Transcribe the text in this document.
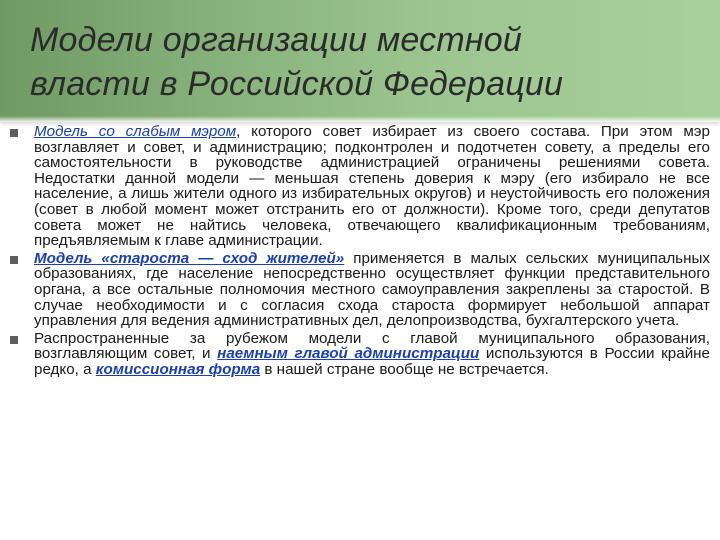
Модели организации местной
власти в Российской Федерации
Модель со слабым мэром, которого совет избирает из своего состава. При этом мэр возглавляет и совет, и администрацию; подконтролен и подотчетен совету, а пределы его самостоятельности в руководстве администрацией ограничены решениями совета. Недостатки данной модели — меньшая степень доверия к мэру (его избирало не все население, а лишь жители одного из избирательных округов) и неустойчивость его положения (совет в любой момент может отстранить его от должности). Кроме того, среди депутатов совета может не найтись человека, отвечающего квалификационным требованиям, предъявляемым к главе администрации.
Модель «староста — сход жителей» применяется в малых сельских муниципальных образованиях, где население непосредственно осуществляет функции представительного органа, а все остальные полномочия местного самоуправления закреплены за старостой. В случае необходимости и с согласия схода староста формирует небольшой аппарат управления для ведения административных дел, делопроизводства, бухгалтерского учета.
Распространенные за рубежом модели с главой муниципального образования, возглавляющим совет, и наемным главой администрации используются в России крайне редко, а комиссионная форма в нашей стране вообще не встречается.
